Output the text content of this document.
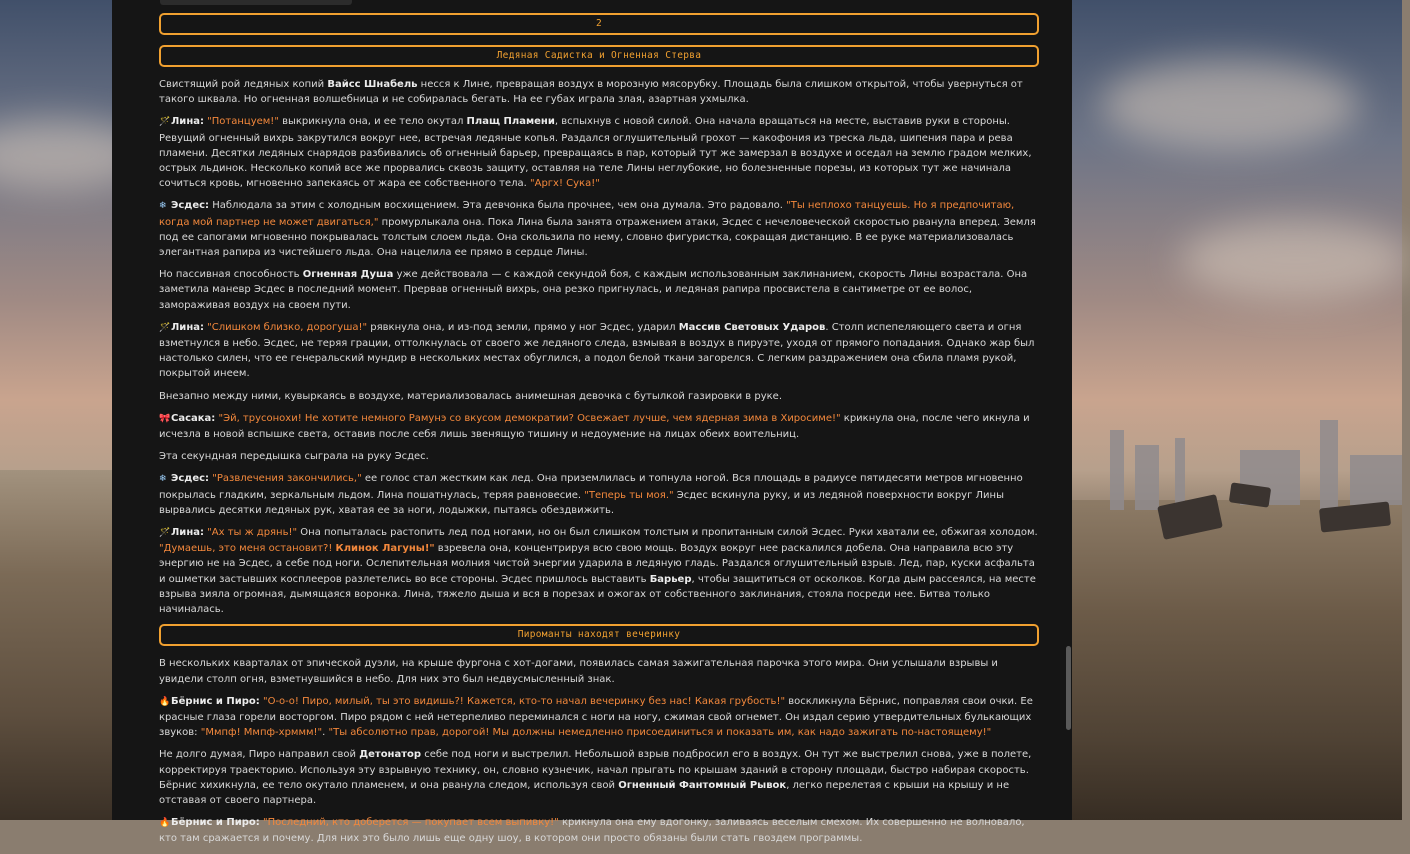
2
Ледяная Садистка и Огненная Стерва

Свистящий рой ледяных копий Вайсс Шнабель несся к Лине, превращая воздух в морозную мясорубку. Площадь была слишком открытой, чтобы увернуться от такого шквала. Но огненная волшебница и не собиралась бегать. На ее губах играла злая, азартная ухмылка.

🪄Лина: "Потанцуем!" выкрикнула она, и ее тело окутал Плащ Пламени, вспыхнув с новой силой. Она начала вращаться на месте, выставив руки в стороны. Ревущий огненный вихрь закрутился вокруг нее, встречая ледяные копья. Раздался оглушительный грохот — какофония из треска льда, шипения пара и рева пламени. Десятки ледяных снарядов разбивались об огненный барьер, превращаясь в пар, который тут же замерзал в воздухе и оседал на землю градом мелких, острых льдинок. Несколько копий все же прорвались сквозь защиту, оставляя на теле Лины неглубокие, но болезненные порезы, из которых тут же начинала сочиться кровь, мгновенно запекаясь от жара ее собственного тела. "Аргх! Сука!"

❄ Эсдес: Наблюдала за этим с холодным восхищением. Эта девчонка была прочнее, чем она думала. Это радовало. "Ты неплохо танцуешь. Но я предпочитаю, когда мой партнер не может двигаться," промурлыкала она. Пока Лина была занята отражением атаки, Эсдес с нечеловеческой скоростью рванула вперед. Земля под ее сапогами мгновенно покрывалась толстым слоем льда. Она скользила по нему, словно фигуристка, сокращая дистанцию. В ее руке материализовалась элегантная рапира из чистейшего льда. Она нацелила ее прямо в сердце Лины.

Но пассивная способность Огненная Душа уже действовала — с каждой секундой боя, с каждым использованным заклинанием, скорость Лины возрастала. Она заметила маневр Эсдес в последний момент. Прервав огненный вихрь, она резко пригнулась, и ледяная рапира просвистела в сантиметре от ее волос, замораживая воздух на своем пути.

🪄Лина: "Слишком близко, дорогуша!" рявкнула она, и из-под земли, прямо у ног Эсдес, ударил Массив Световых Ударов. Столп испепеляющего света и огня взметнулся в небо. Эсдес, не теряя грации, оттолкнулась от своего же ледяного следа, взмывая в воздух в пируэте, уходя от прямого попадания. Однако жар был настолько силен, что ее генеральский мундир в нескольких местах обуглился, а подол белой ткани загорелся. С легким раздражением она сбила пламя рукой, покрытой инеем.

Внезапно между ними, кувыркаясь в воздухе, материализовалась анимешная девочка с бутылкой газировки в руке.

🎀Сасака: "Эй, трусонохи! Не хотите немного Рамунэ со вкусом демократии? Освежает лучше, чем ядерная зима в Хиросиме!" крикнула она, после чего икнула и исчезла в новой вспышке света, оставив после себя лишь звенящую тишину и недоумение на лицах обеих воительниц.

Эта секундная передышка сыграла на руку Эсдес.

❄ Эсдес: "Развлечения закончились," ее голос стал жестким как лед. Она приземлилась и топнула ногой. Вся площадь в радиусе пятидесяти метров мгновенно покрылась гладким, зеркальным льдом. Лина пошатнулась, теряя равновесие. "Теперь ты моя." Эсдес вскинула руку, и из ледяной поверхности вокруг Лины вырвались десятки ледяных рук, хватая ее за ноги, лодыжки, пытаясь обездвижить.

🪄Лина: "Ах ты ж дрянь!" Она попыталась растопить лед под ногами, но он был слишком толстым и пропитанным силой Эсдес. Руки хватали ее, обжигая холодом. "Думаешь, это меня остановит?! Клинок Лагуны!" взревела она, концентрируя всю свою мощь. Воздух вокруг нее раскалился добела. Она направила всю эту энергию не на Эсдес, а себе под ноги. Ослепительная молния чистой энергии ударила в ледяную гладь. Раздался оглушительный взрыв. Лед, пар, куски асфальта и ошметки застывших косплееров разлетелись во все стороны. Эсдес пришлось выставить Барьер, чтобы защититься от осколков. Когда дым рассеялся, на месте взрыва зияла огромная, дымящаяся воронка. Лина, тяжело дыша и вся в порезах и ожогах от собственного заклинания, стояла посреди нее. Битва только начиналась.

Пироманты находят вечеринку

В нескольких кварталах от эпической дуэли, на крыше фургона с хот-догами, появилась самая зажигательная парочка этого мира. Они услышали взрывы и увидели столп огня, взметнувшийся в небо. Для них это был недвусмысленный знак.

🔥Бёрнис и Пиро: "О-о-о! Пиро, милый, ты это видишь?! Кажется, кто-то начал вечеринку без нас! Какая грубость!" воскликнула Бёрнис, поправляя свои очки. Ее красные глаза горели восторгом. Пиро рядом с ней нетерпеливо переминался с ноги на ногу, сжимая свой огнемет. Он издал серию утвердительных булькающих звуков: "Ммпф! Ммпф-хрммм!". "Ты абсолютно прав, дорогой! Мы должны немедленно присоединиться и показать им, как надо зажигать по-настоящему!"

Не долго думая, Пиро направил свой Детонатор себе под ноги и выстрелил. Небольшой взрыв подбросил его в воздух. Он тут же выстрелил снова, уже в полете, корректируя траекторию. Используя эту взрывную технику, он, словно кузнечик, начал прыгать по крышам зданий в сторону площади, быстро набирая скорость. Бёрнис хихикнула, ее тело окутало пламенем, и она рванула следом, используя свой Огненный Фантомный Рывок, легко перелетая с крыши на крышу и не отставая от своего партнера.

🔥Бёрнис и Пиро: "Последний, кто доберется — покупает всем выпивку!" крикнула она ему вдогонку, заливаясь веселым смехом. Их совершенно не волновало, кто там сражается и почему. Для них это было лишь еще одну шоу, в котором они просто обязаны были стать гвоздем программы.
